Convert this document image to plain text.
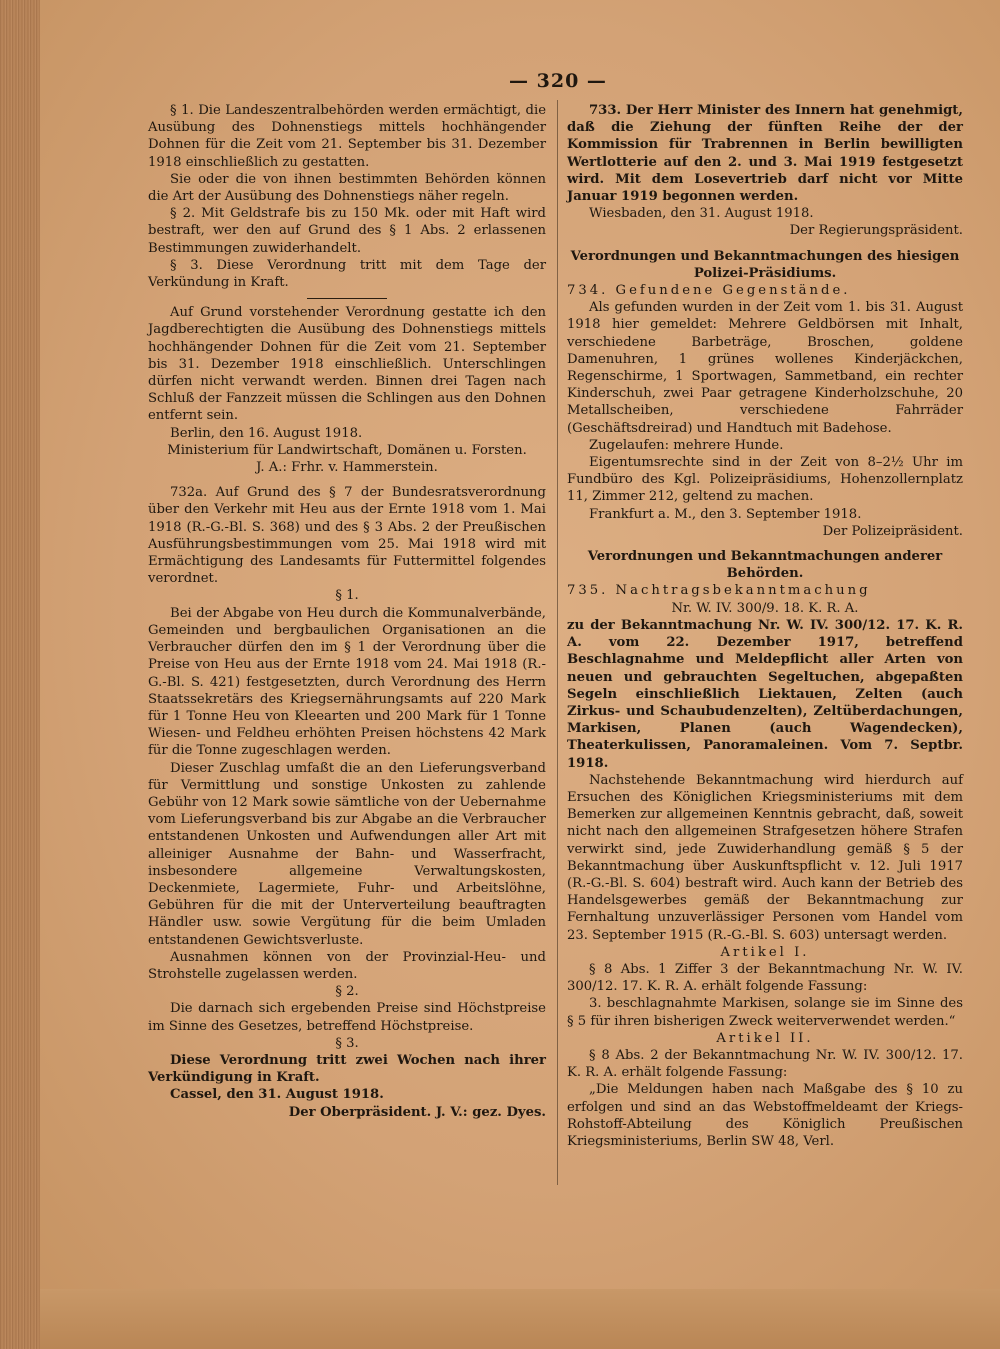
— 320 —

§ 1. Die Landeszentralbehörden werden ermächtigt, die Ausübung des Dohnenstiegs mittels hochhängender Dohnen für die Zeit vom 21. September bis 31. Dezember 1918 einschließlich zu gestatten.

Sie oder die von ihnen bestimmten Behörden können die Art der Ausübung des Dohnenstiegs näher regeln.

§ 2. Mit Geldstrafe bis zu 150 Mk. oder mit Haft wird bestraft, wer den auf Grund des § 1 Abs. 2 erlassenen Bestimmungen zuwiderhandelt.

§ 3. Diese Verordnung tritt mit dem Tage der Verkündung in Kraft.

Auf Grund vorstehender Verordnung gestatte ich den Jagdberechtigten die Ausübung des Dohnenstiegs mittels hochhängender Dohnen für die Zeit vom 21. September bis 31. Dezember 1918 einschließlich. Unterschlingen dürfen nicht verwandt werden. Binnen drei Tagen nach Schluß der Fanzzeit müssen die Schlingen aus den Dohnen entfernt sein.

Berlin, den 16. August 1918.

Ministerium für Landwirtschaft, Domänen u. Forsten.

J. A.: Frhr. v. Hammerstein.

732a. Auf Grund des § 7 der Bundesratsverordnung über den Verkehr mit Heu aus der Ernte 1918 vom 1. Mai 1918 (R.-G.-Bl. S. 368) und des § 3 Abs. 2 der Preußischen Ausführungsbestimmungen vom 25. Mai 1918 wird mit Ermächtigung des Landesamts für Futtermittel folgendes verordnet.

§ 1.

Bei der Abgabe von Heu durch die Kommunalverbände, Gemeinden und bergbaulichen Organisationen an die Verbraucher dürfen den im § 1 der Verordnung über die Preise von Heu aus der Ernte 1918 vom 24. Mai 1918 (R.-G.-Bl. S. 421) festgesetzten, durch Verordnung des Herrn Staatssekretärs des Kriegsernährungsamts auf 220 Mark für 1 Tonne Heu von Kleearten und 200 Mark für 1 Tonne Wiesen- und Feldheu erhöhten Preisen höchstens 42 Mark für die Tonne zugeschlagen werden.

Dieser Zuschlag umfaßt die an den Lieferungsverband für Vermittlung und sonstige Unkosten zu zahlende Gebühr von 12 Mark sowie sämtliche von der Uebernahme vom Lieferungsverband bis zur Abgabe an die Verbraucher entstandenen Unkosten und Aufwendungen aller Art mit alleiniger Ausnahme der Bahn- und Wasserfracht, insbesondere allgemeine Verwaltungskosten, Deckenmiete, Lagermiete, Fuhr- und Arbeitslöhne, Gebühren für die mit der Unterverteilung beauftragten Händler usw. sowie Vergütung für die beim Umladen entstandenen Gewichtsverluste.

Ausnahmen können von der Provinzial-Heu- und Strohstelle zugelassen werden.

§ 2.

Die darnach sich ergebenden Preise sind Höchstpreise im Sinne des Gesetzes, betreffend Höchstpreise.

§ 3.

Diese Verordnung tritt zwei Wochen nach ihrer Verkündigung in Kraft.

Cassel, den 31. August 1918.

Der Oberpräsident. J. V.: gez. Dyes.

733. Der Herr Minister des Innern hat genehmigt, daß die Ziehung der fünften Reihe der der Kommission für Trabrennen in Berlin bewilligten Wertlotterie auf den 2. und 3. Mai 1919 festgesetzt wird. Mit dem Losevertrieb darf nicht vor Mitte Januar 1919 begonnen werden.

Wiesbaden, den 31. August 1918.

Der Regierungspräsident.

Verordnungen und Bekanntmachungen des hiesigen Polizei-Präsidiums.

734. Gefundene Gegenstände.

Als gefunden wurden in der Zeit vom 1. bis 31. August 1918 hier gemeldet: Mehrere Geldbörsen mit Inhalt, verschiedene Barbeträge, Broschen, goldene Damenuhren, 1 grünes wollenes Kinderjäckchen, Regenschirme, 1 Sportwagen, Sammetband, ein rechter Kinderschuh, zwei Paar getragene Kinderholzschuhe, 20 Metallscheiben, verschiedene Fahrräder (Geschäftsdreirad) und Handtuch mit Badehose.

Zugelaufen: mehrere Hunde.

Eigentumsrechte sind in der Zeit von 8–2½ Uhr im Fundbüro des Kgl. Polizeipräsidiums, Hohenzollernplatz 11, Zimmer 212, geltend zu machen.

Frankfurt a. M., den 3. September 1918.

Der Polizeipräsident.

Verordnungen und Bekanntmachungen anderer Behörden.

735. Nachtragsbekanntmachung

Nr. W. IV. 300/9. 18. K. R. A.

zu der Bekanntmachung Nr. W. IV. 300/12. 17. K. R. A. vom 22. Dezember 1917, betreffend Beschlagnahme und Meldepflicht aller Arten von neuen und gebrauchten Segeltuchen, abgepaßten Segeln einschließlich Liektauen, Zelten (auch Zirkus- und Schaubudenzelten), Zeltüberdachungen, Markisen, Planen (auch Wagendecken), Theaterkulissen, Panoramaleinen. Vom 7. Septbr. 1918.

Nachstehende Bekanntmachung wird hierdurch auf Ersuchen des Königlichen Kriegsministeriums mit dem Bemerken zur allgemeinen Kenntnis gebracht, daß, soweit nicht nach den allgemeinen Strafgesetzen höhere Strafen verwirkt sind, jede Zuwiderhandlung gemäß § 5 der Bekanntmachung über Auskunftspflicht v. 12. Juli 1917 (R.-G.-Bl. S. 604) bestraft wird. Auch kann der Betrieb des Handelsgewerbes gemäß der Bekanntmachung zur Fernhaltung unzuverlässiger Personen vom Handel vom 23. September 1915 (R.-G.-Bl. S. 603) untersagt werden.

Artikel I.

§ 8 Abs. 1 Ziffer 3 der Bekanntmachung Nr. W. IV. 300/12. 17. K. R. A. erhält folgende Fassung:

3. beschlagnahmte Markisen, solange sie im Sinne des § 5 für ihren bisherigen Zweck weiterverwendet werden.“

Artikel II.

§ 8 Abs. 2 der Bekanntmachung Nr. W. IV. 300/12. 17. K. R. A. erhält folgende Fassung:

„Die Meldungen haben nach Maßgabe des § 10 zu erfolgen und sind an das Webstoffmeldeamt der Kriegs-Rohstoff-Abteilung des Königlich Preußischen Kriegsministeriums, Berlin SW 48, Verl.
